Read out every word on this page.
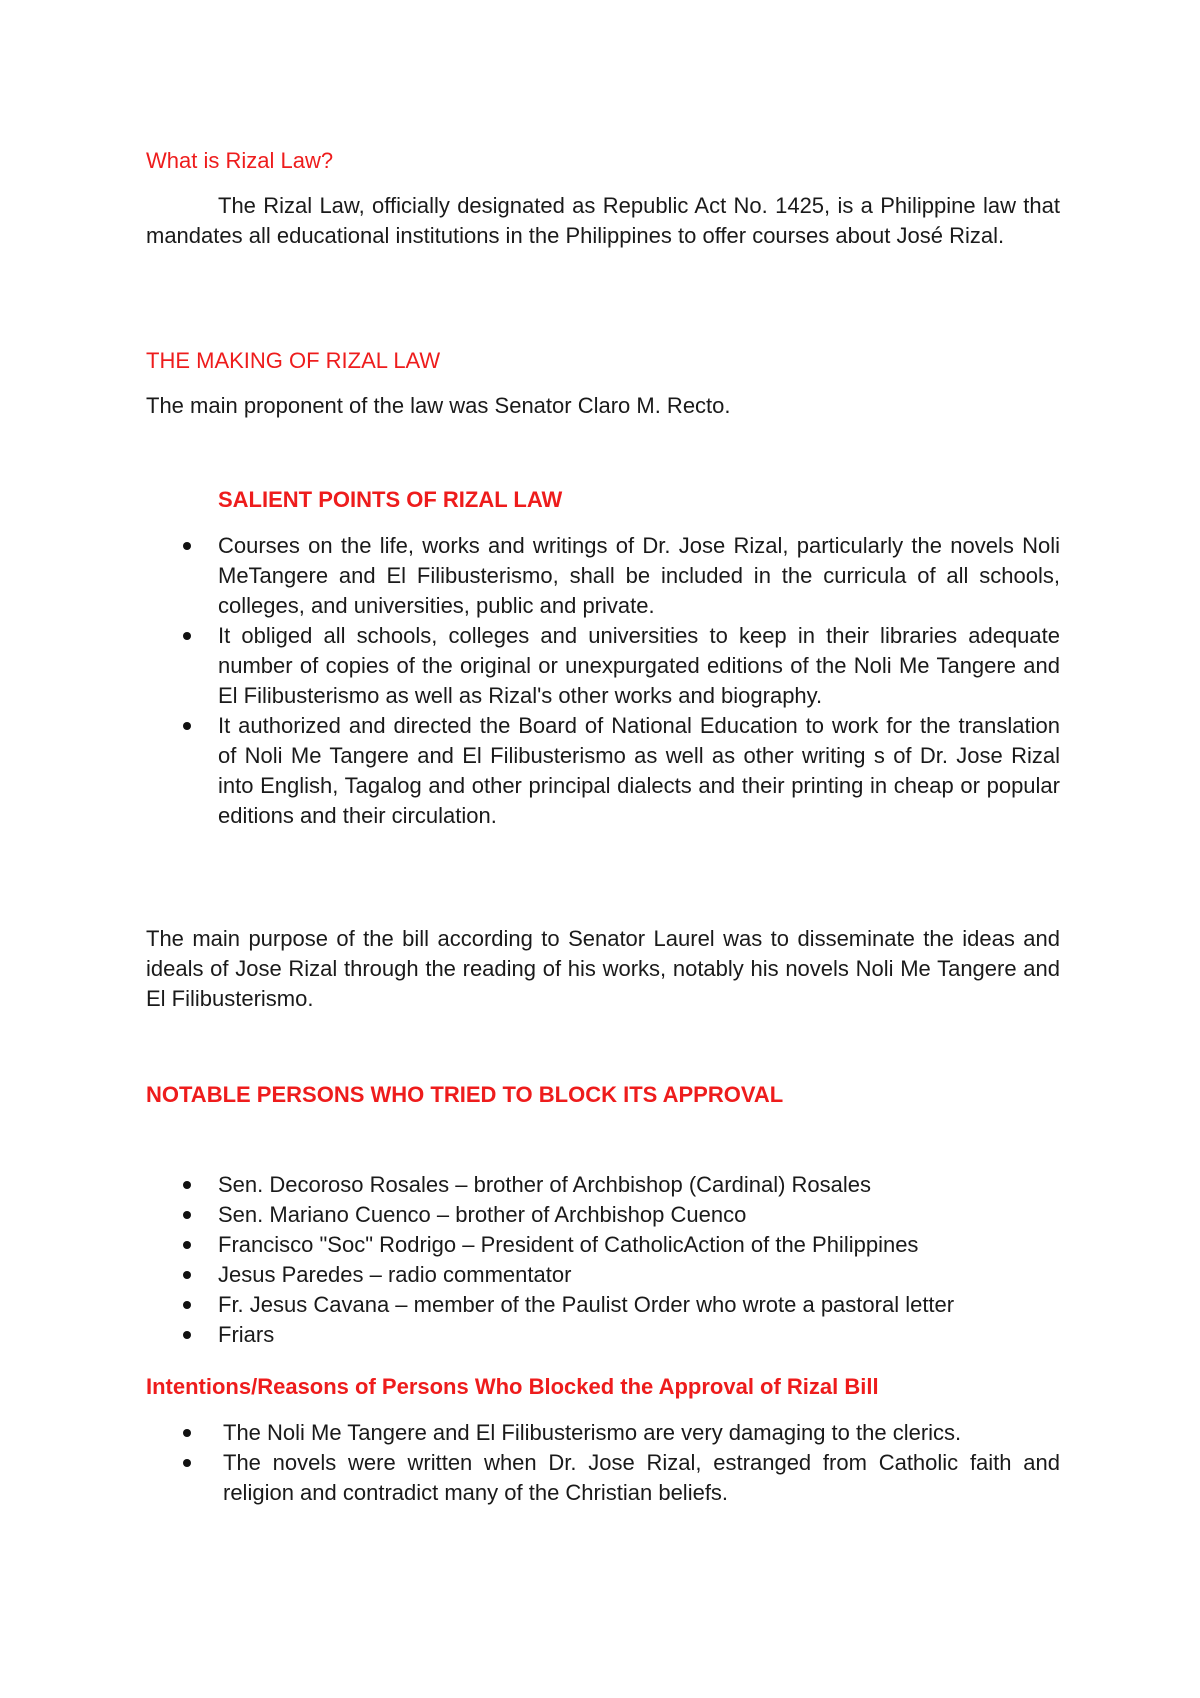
What is Rizal Law?

The Rizal Law, officially designated as Republic Act No. 1425, is a Philippine law that mandates all educational institutions in the Philippines to offer courses about José Rizal.

THE MAKING OF RIZAL LAW

The main proponent of the law was Senator Claro M. Recto.

SALIENT POINTS OF RIZAL LAW
Courses on the life, works and writings of Dr. Jose Rizal, particularly the novels Noli MeTangere and El Filibusterismo, shall be included in the curricula of all schools, colleges, and universities, public and private.
It obliged all schools, colleges and universities to keep in their libraries adequate number of copies of the original or unexpurgated editions of the Noli Me Tangere and El Filibusterismo as well as Rizal's other works and biography.
It authorized and directed the Board of National Education to work for the translation of Noli Me Tangere and El Filibusterismo as well as other writing s of Dr. Jose Rizal into English, Tagalog and other principal dialects and their printing in cheap or popular editions and their circulation.

The main purpose of the bill according to Senator Laurel was to disseminate the ideas and ideals of Jose Rizal through the reading of his works, notably his novels Noli Me Tangere and El Filibusterismo.

NOTABLE PERSONS WHO TRIED TO BLOCK ITS APPROVAL
Sen. Decoroso Rosales – brother of Archbishop (Cardinal) Rosales
Sen. Mariano Cuenco – brother of Archbishop Cuenco
Francisco "Soc" Rodrigo – President of CatholicAction of the Philippines
Jesus Paredes – radio commentator
Fr. Jesus Cavana – member of the Paulist Order who wrote a pastoral letter
Friars
Intentions/Reasons of Persons Who Blocked the Approval of Rizal Bill
The Noli Me Tangere and El Filibusterismo are very damaging to the clerics.
The novels were written when Dr. Jose Rizal, estranged from Catholic faith and religion and contradict many of the Christian beliefs.
